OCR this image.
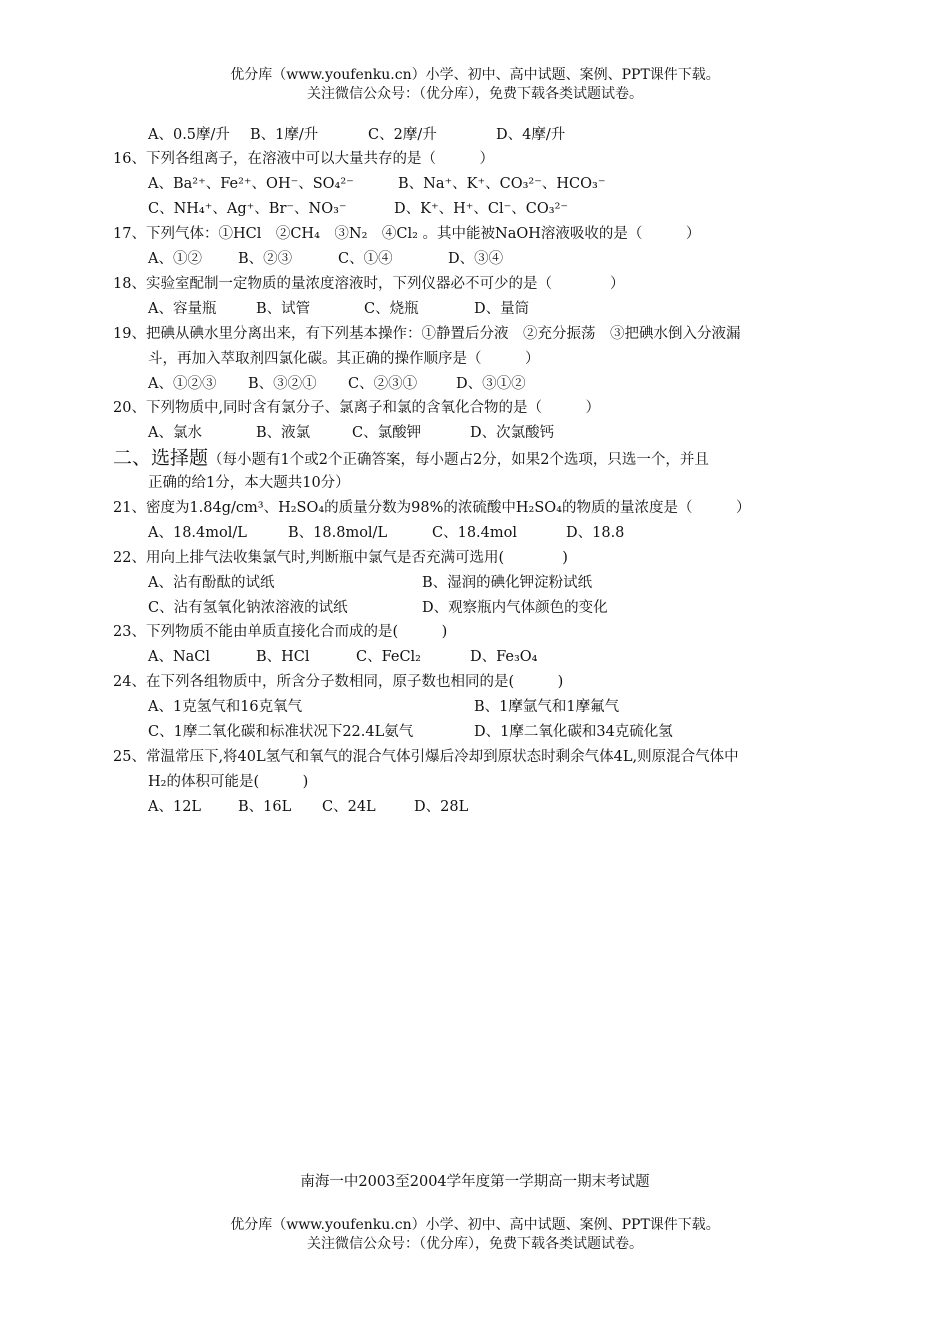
优分库（www.youfenku.cn）小学、初中、高中试题、案例、PPT课件下载。
关注微信公众号：（优分库），免费下载各类试题试卷。
A、0.5摩/升 B、1摩/升	C、2摩/升	D、4摩/升
16、下列各组离子，在溶液中可以大量共存的是（　　　）
A、Ba²⁺、Fe²⁺、OH⁻、SO₄²⁻	B、Na⁺、K⁺、CO₃²⁻、HCO₃⁻
C、NH₄⁺、Ag⁺、Br⁻、NO₃⁻	D、K⁺、H⁺、Cl⁻、CO₃²⁻
17、下列气体：①HCl　②CH₄　③N₂　④Cl₂ 。其中能被NaOH溶液吸收的是（　　　）
A、①② B、②③	C、①④	D、③④
18、实验室配制一定物质的量浓度溶液时，下列仪器必不可少的是（　　　　）
A、容量瓶	B、试管	C、烧瓶	D、量筒
19、把碘从碘水里分离出来，有下列基本操作：①静置后分液　②充分振荡　③把碘水倒入分液漏
斗，再加入萃取剂四氯化碳。其正确的操作顺序是（　　　）
A、①②③ B、③②① C、②③①	D、③①②
20、下列物质中,同时含有氯分子、氯离子和氯的含氧化合物的是（　　　）
A、氯水	B、液氯	C、氯酸钾	D、次氯酸钙
二、选择题（每小题有1个或2个正确答案，每小题占2分，如果2个选项，只选一个，并且
正确的给1分，本大题共10分）
21、密度为1.84g/cm³、H₂SO₄的质量分数为98%的浓硫酸中H₂SO₄的物质的量浓度是（　　　）
A、18.4mol/L	B、18.8mol/L	C、18.4mol	D、18.8
22、用向上排气法收集氯气时,判断瓶中氯气是否充满可选用(　　　　)
A、沾有酚酞的试纸	B、湿润的碘化钾淀粉试纸
C、沾有氢氧化钠浓溶液的试纸	D、观察瓶内气体颜色的变化
23、下列物质不能由单质直接化合而成的是(　　　)
A、NaCl	B、HCl	C、FeCl₂	D、Fe₃O₄
24、在下列各组物质中，所含分子数相同，原子数也相同的是(　　　)
A、1克氢气和16克氧气	B、1摩氩气和1摩氟气
C、1摩二氧化碳和标准状况下22.4L氨气	D、1摩二氧化碳和34克硫化氢
25、常温常压下,将40L氢气和氧气的混合气体引爆后冷却到原状态时剩余气体4L,则原混合气体中
H₂的体积可能是(　　　)
A、12L	B、16L C、24L	D、28L
南海一中2003至2004学年度第一学期高一期末考试题
优分库（www.youfenku.cn）小学、初中、高中试题、案例、PPT课件下载。
关注微信公众号：（优分库），免费下载各类试题试卷。
